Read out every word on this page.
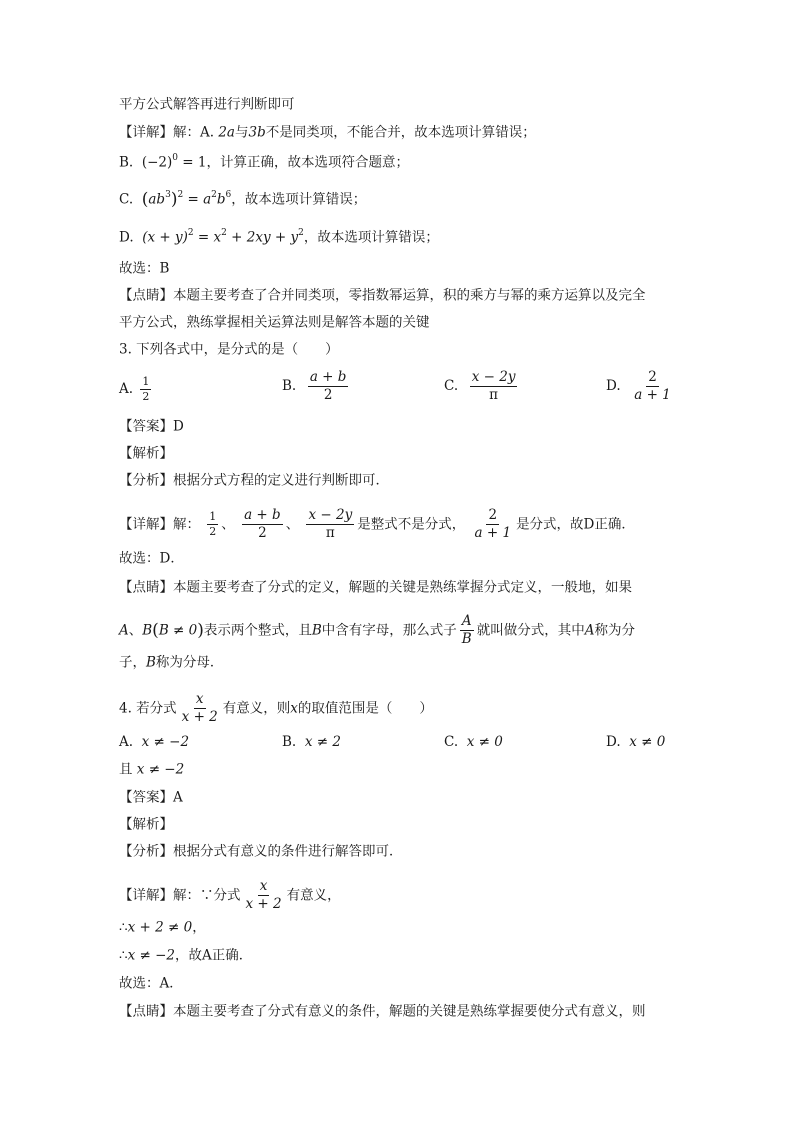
平方公式解答再进行判断即可
【详解】解：A. 2a与3b不是同类项，不能合并，故本选项计算错误；
B. $(-2)^0 = 1$，计算正确，故本选项符合题意；
C. $(ab^3)^2 = a^2b^6$，故本选项计算错误；
D. $(x + y)^2 = x^2 + 2xy + y^2$，故本选项计算错误；
故选：B
【点睛】本题主要考查了合并同类项，零指数幂运算，积的乘方与幂的乘方运算以及完全
平方公式，熟练掌握相关运算法则是解答本题的关键
3. 下列各式中，是分式的是（　　）
A. $\frac{1}{2}$	B. $\frac{a + b}{2}$	C. $\frac{x - 2y}{\pi}$	D. $\frac{2}{a + 1}$
【答案】D
【解析】
【分析】根据分式方程的定义进行判断即可．
【详解】解： $\frac{1}{2}$ 、 $\frac{a + b}{2}$ 、 $\frac{x - 2y}{\pi}$ 是整式不是分式， $\frac{2}{a + 1}$ 是分式，故D正确．
故选：D．
【点睛】本题主要考查了分式的定义，解题的关键是熟练掌握分式定义，一般地，如果
A、B(B ≠ 0)表示两个整式，且B中含有字母，那么式子 $\frac{A}{B}$ 就叫做分式，其中A称为分
子，B称为分母．
4. 若分式 $\frac{x}{x + 2}$ 有意义，则x的取值范围是（　　）
A. x ≠ −2	B. x ≠ 2	C. x ≠ 0	D. x ≠ 0
且 x ≠ −2
【答案】A
【解析】
【分析】根据分式有意义的条件进行解答即可．
【详解】解：∵分式 $\frac{x}{x + 2}$ 有意义，
∴x + 2 ≠ 0，
∴x ≠ −2，故A正确．
故选：A．
【点睛】本题主要考查了分式有意义的条件，解题的关键是熟练掌握要使分式有意义，则
